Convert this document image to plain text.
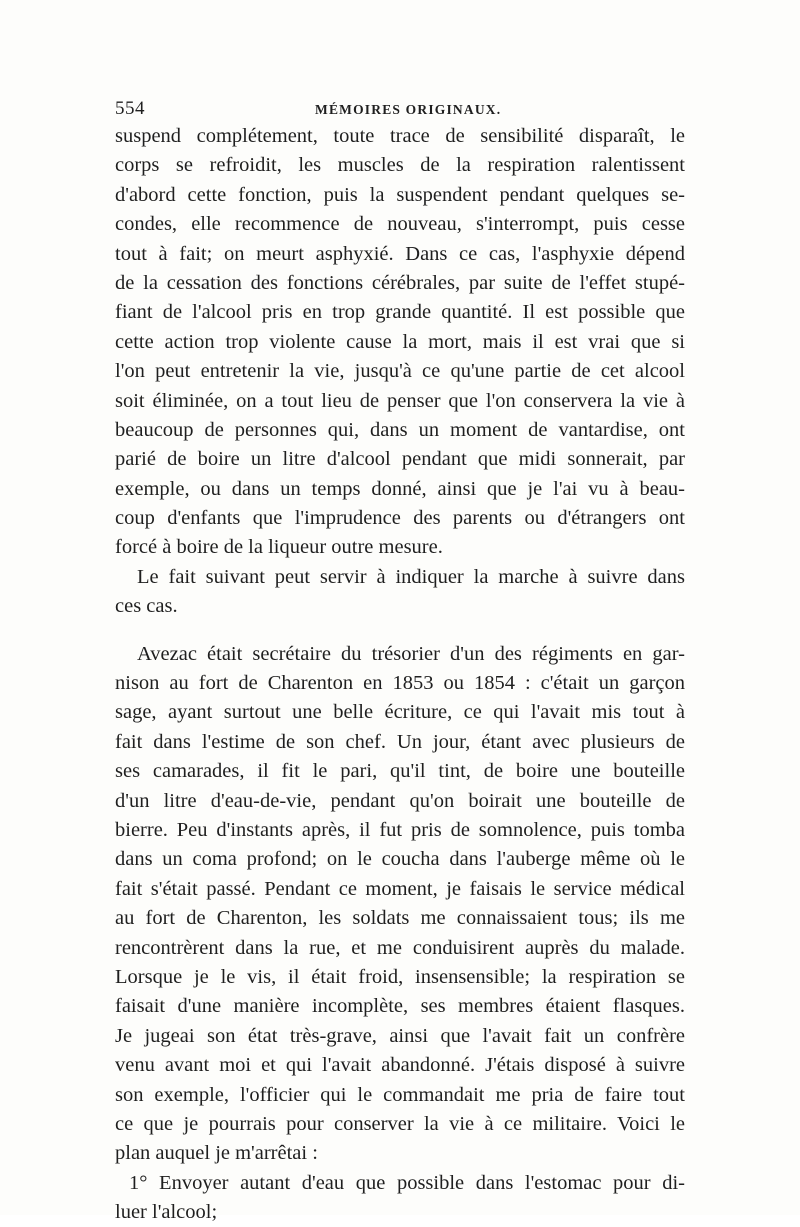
554	MÉMOIRES ORIGINAUX.
suspend complétement, toute trace de sensibilité disparaît, le
corps se refroidit, les muscles de la respiration ralentissent
d'abord cette fonction, puis la suspendent pendant quelques se-
condes, elle recommence de nouveau, s'interrompt, puis cesse
tout à fait; on meurt asphyxié. Dans ce cas, l'asphyxie dépend
de la cessation des fonctions cérébrales, par suite de l'effet stupé-
fiant de l'alcool pris en trop grande quantité. Il est possible que
cette action trop violente cause la mort, mais il est vrai que si
l'on peut entretenir la vie, jusqu'à ce qu'une partie de cet alcool
soit éliminée, on a tout lieu de penser que l'on conservera la vie à
beaucoup de personnes qui, dans un moment de vantardise, ont
parié de boire un litre d'alcool pendant que midi sonnerait, par
exemple, ou dans un temps donné, ainsi que je l'ai vu à beau-
coup d'enfants que l'imprudence des parents ou d'étrangers ont
forcé à boire de la liqueur outre mesure.
Le fait suivant peut servir à indiquer la marche à suivre dans
ces cas.
Avezac était secrétaire du trésorier d'un des régiments en gar-
nison au fort de Charenton en 1853 ou 1854 : c'était un garçon
sage, ayant surtout une belle écriture, ce qui l'avait mis tout à
fait dans l'estime de son chef. Un jour, étant avec plusieurs de
ses camarades, il fit le pari, qu'il tint, de boire une bouteille
d'un litre d'eau-de-vie, pendant qu'on boirait une bouteille de
bierre. Peu d'instants après, il fut pris de somnolence, puis tomba
dans un coma profond; on le coucha dans l'auberge même où le
fait s'était passé. Pendant ce moment, je faisais le service médical
au fort de Charenton, les soldats me connaissaient tous; ils me
rencontrèrent dans la rue, et me conduisirent auprès du malade.
Lorsque je le vis, il était froid, insensensible; la respiration se
faisait d'une manière incomplète, ses membres étaient flasques.
Je jugeai son état très-grave, ainsi que l'avait fait un confrère
venu avant moi et qui l'avait abandonné. J'étais disposé à suivre
son exemple, l'officier qui le commandait me pria de faire tout
ce que je pourrais pour conserver la vie à ce militaire. Voici le
plan auquel je m'arrêtai :
1° Envoyer autant d'eau que possible dans l'estomac pour di-
luer l'alcool;
